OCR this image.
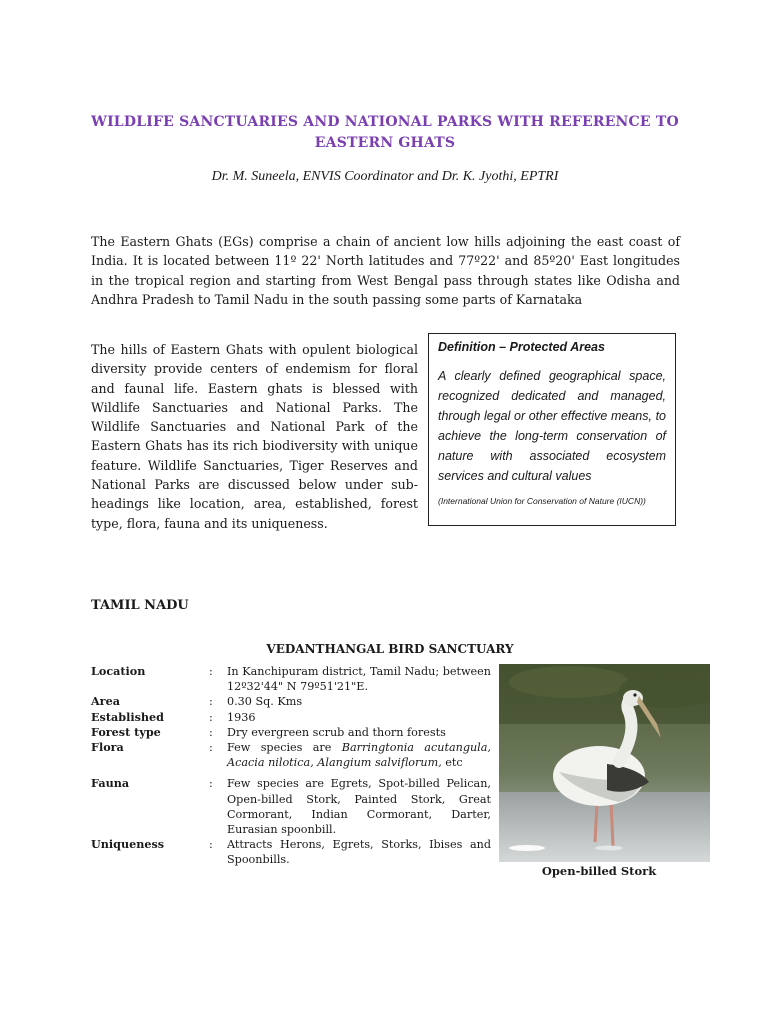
WILDLIFE SANCTUARIES AND NATIONAL PARKS WITH REFERENCE TO EASTERN GHATS
Dr. M. Suneela, ENVIS Coordinator and Dr. K. Jyothi, EPTRI

The Eastern Ghats (EGs) comprise a chain of ancient low hills adjoining the east coast of India. It is located between 11º 22' North latitudes and 77º22' and 85º20' East longitudes in the tropical region and starting from West Bengal pass through states like Odisha and Andhra Pradesh to Tamil Nadu in the south passing some parts of Karnataka

The hills of Eastern Ghats with opulent biological diversity provide centers of endemism for floral and faunal life. Eastern ghats is blessed with Wildlife Sanctuaries and National Parks. The Wildlife Sanctuaries and National Park of the Eastern Ghats has its rich biodiversity with unique feature. Wildlife Sanctuaries, Tiger Reserves and National Parks are discussed below under sub-headings like location, area, established, forest type, flora, fauna and its uniqueness.

Definition – Protected Areas
A clearly defined geographical space, recognized dedicated and managed, through legal or other effective means, to achieve the long-term conservation of nature with associated ecosystem services and cultural values
(International Union for Conservation of Nature (IUCN))
TAMIL NADU
VEDANTHANGAL BIRD SANCTUARY
Location	:	In Kanchipuram district, Tamil Nadu; between 12º32'44" N 79º51'21"E.
Area	:	0.30 Sq. Kms
Established	:	1936
Forest type	:	Dry evergreen scrub and thorn forests
Flora	:	Few species are Barringtonia acutangula, Acacia nilotica, Alangium salviflorum, etc
Fauna	:	Few species are Egrets, Spot-billed Pelican, Open-billed Stork, Painted Stork, Great Cormorant, Indian Cormorant, Darter, Eurasian spoonbill.
Uniqueness	:	Attracts Herons, Egrets, Storks, Ibises and Spoonbills.
Open-billed Stork
